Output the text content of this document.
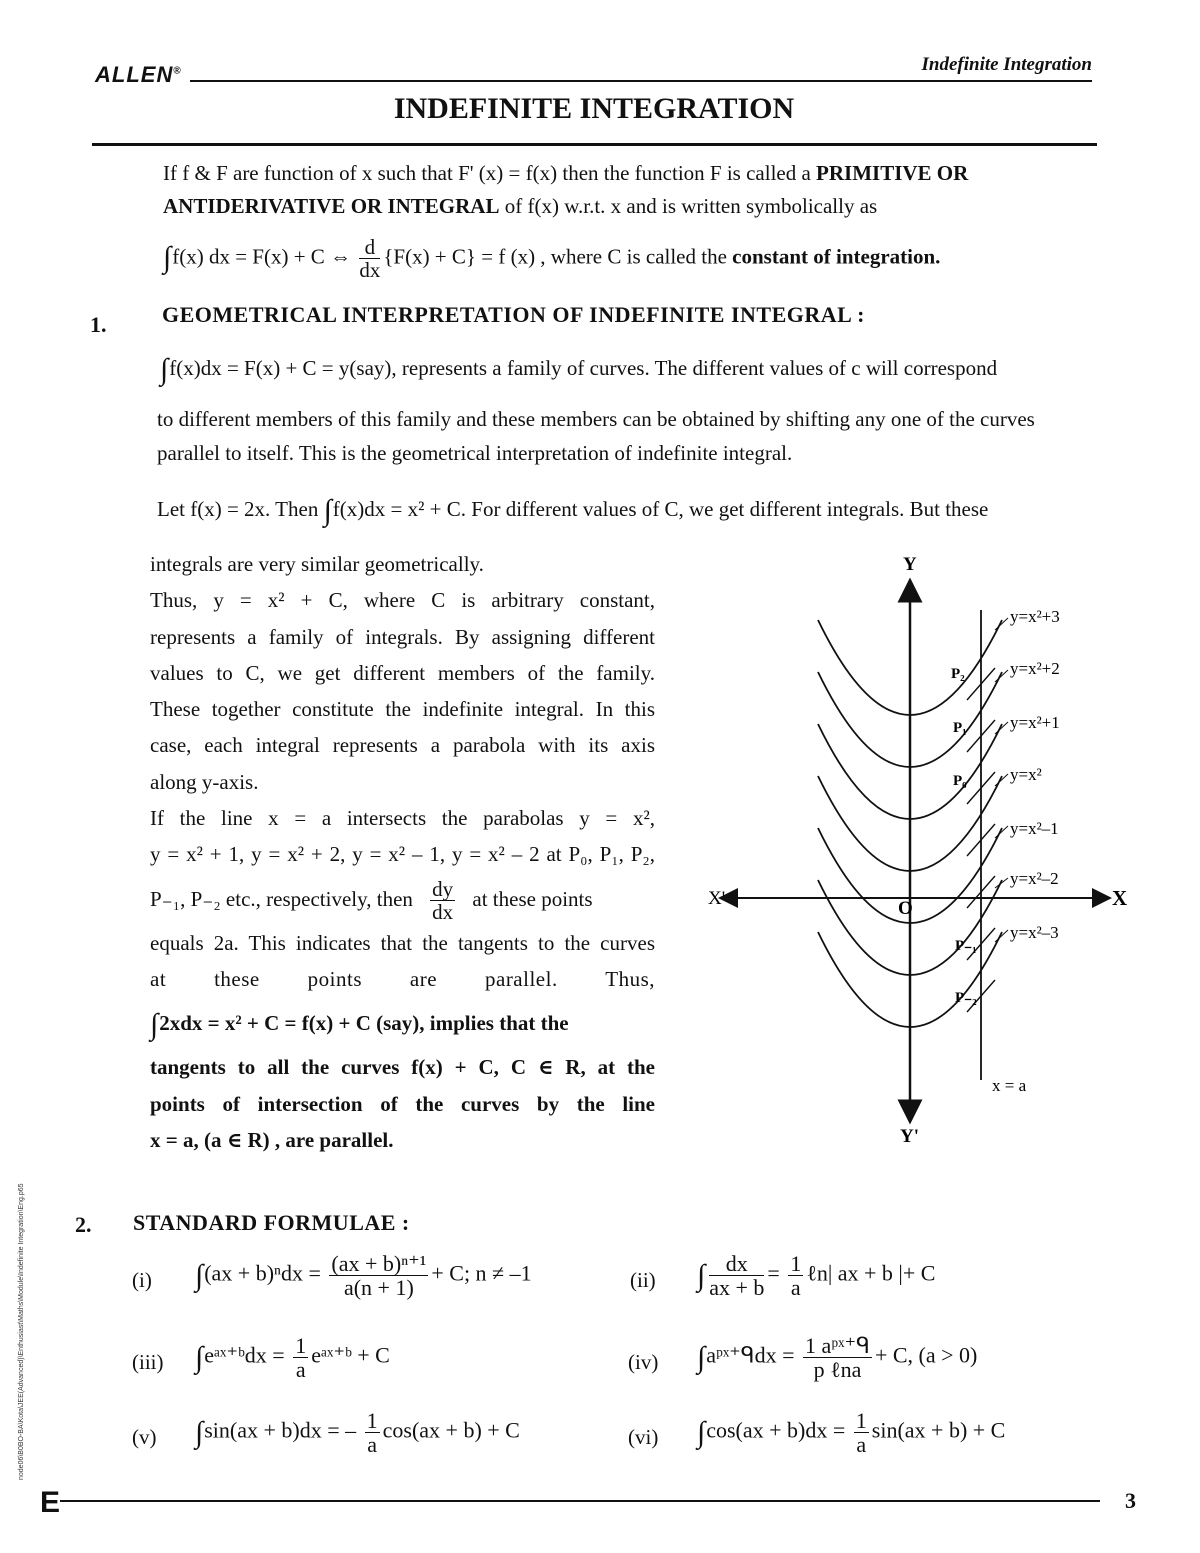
ALLEN®	Indefinite Integration
INDEFINITE INTEGRATION
If f & F are function of x such that F' (x) = f(x) then the function F is called a PRIMITIVE OR
ANTIDERIVATIVE OR INTEGRAL of f(x) w.r.t. x and is written symbolically as
∫f(x) dx = F(x) + C ⇔ $\frac{d}{dx} \{F(x) + C\} = f$ (x) , where C is called the constant of integration.
1.	GEOMETRICAL INTERPRETATION OF INDEFINITE INTEGRAL :
∫f(x)dx = F(x) + C = y(say), represents a family of curves. The different values of c will correspond
to different members of this family and these members can be obtained by shifting any one of the curves
parallel to itself. This is the geometrical interpretation of indefinite integral.
Let f(x) = 2x. Then ∫f(x)dx = x² + C. For different values of C, we get different integrals. But these

integrals are very similar geometrically.

Thus, y = x² + C, where C is arbitrary constant,

represents a family of integrals. By assigning different

values to C, we get different members of the family.

These together constitute the indefinite integral. In this

case, each integral represents a parabola with its axis

along y-axis.

If the line x = a intersects the parabolas y = x²,

y = x² + 1, y = x² + 2, y = x² – 1, y = x² – 2 at P₀, P₁, P₂,

P₋₁, P₋₂ etc., respectively, then $\frac{dy}{dx}$ at these points

equals 2a. This indicates that the tangents to the curves

at these points are parallel. Thus,

∫2xdx = x² + C = f(x) + C (say), implies that the

tangents to all the curves f(x) + C, C ∈ R, at the

points of intersection of the curves by the line

x = a, (a ∈ R) , are parallel.

Y
Y'
X
X'	O
x = a
y=x²+3
y=x²+2
y=x²+1
y=x²
y=x²–1
y=x²–2
y=x²–3
P₂
P₁
P₀
P₋₁
P₋₂
2. STANDARD FORMULAE :
(i) $\int(ax + b)^ndx = \frac{\text{(ax + b)ⁿ⁺¹}}{a(n + 1)} + C$; n ≠ –1	(ii) ∫ $\frac{dx}{ax + b} = \frac{1}{a}$ ℓn| ax + b |+ C
(iii) ∫eᵃˣ⁺ᵇdx = $\frac{1}{a}$ eᵃˣ⁺ᵇ + C	(iv) ∫aᵖˣ⁺ᑫdx = $\frac{\text{1 aᵖˣ⁺ᑫ}}{\text{p ℓna}} + C$, (a > 0)
(v) ∫sin(ax + b)dx = – $\frac{1}{a} \cos(ax + b) + C$	(vi) $\int\cos(ax + b)dx = \frac{1}{a} \sin(ax + b) + C$
node06\B0BO-BA\Kota\JEE(Advanced)\Enthusiast\Maths\Module\Indefinite Integration\Eng.p65
E	3
